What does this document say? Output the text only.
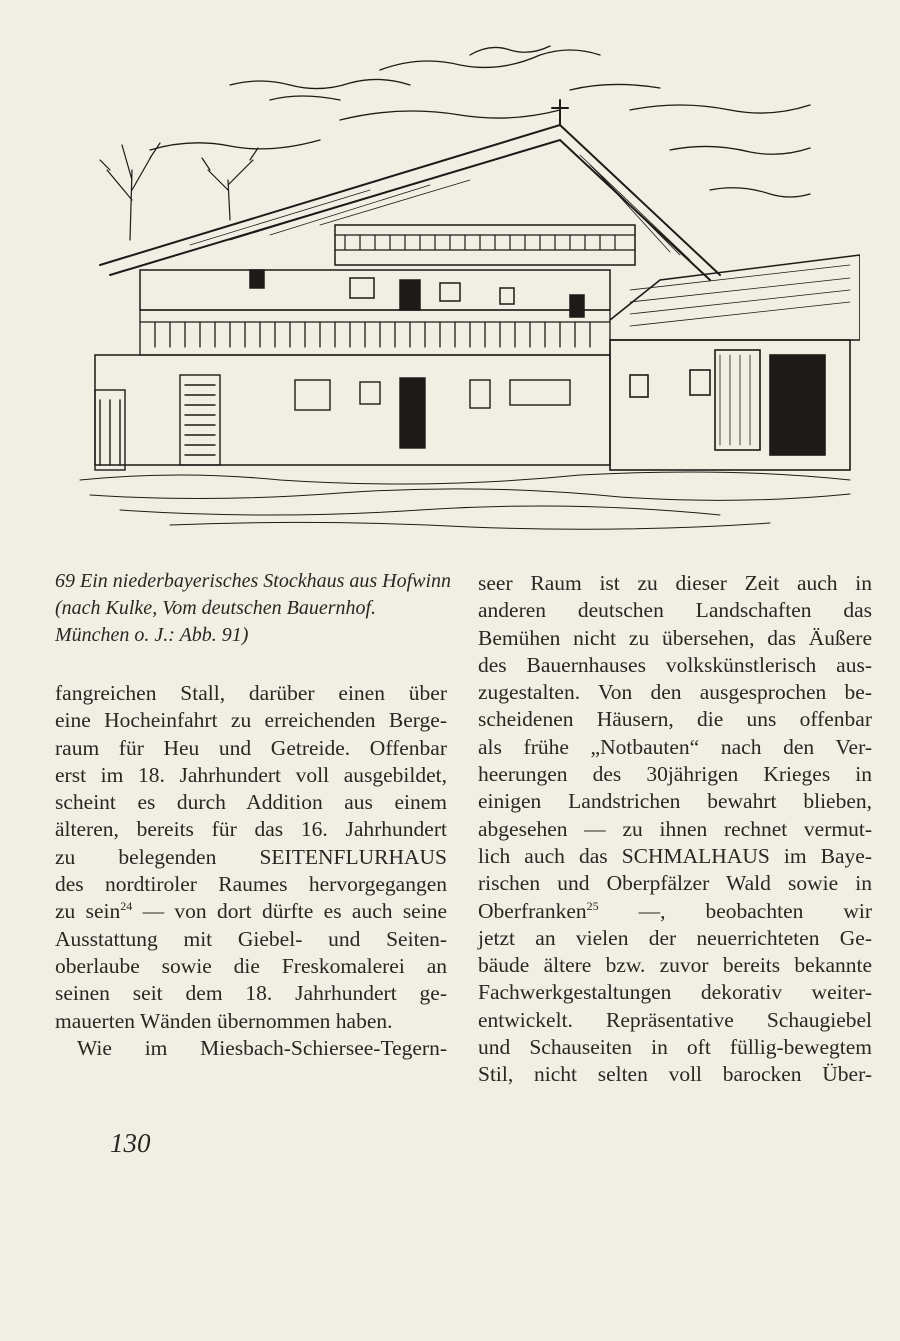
69 Ein niederbayerisches Stockhaus aus Hofwinn
(nach Kulke, Vom deutschen Bauernhof.
München o. J.: Abb. 91)
fangreichen Stall, darüber einen über
eine Hocheinfahrt zu erreichenden Berge-
raum für Heu und Getreide. Offenbar
erst im 18. Jahrhundert voll ausgebildet,
scheint es durch Addition aus einem
älteren, bereits für das 16. Jahrhundert
zu belegenden SEITENFLURHAUS
des nordtiroler Raumes hervorgegangen
zu sein$^{24}$ — von dort dürfte es auch seine
Ausstattung mit Giebel- und Seiten-
oberlaube sowie die Freskomalerei an
seinen seit dem 18. Jahrhundert ge-
mauerten Wänden übernommen haben.
Wie im Miesbach-Schiersee-Tegern-
seer Raum ist zu dieser Zeit auch in
anderen deutschen Landschaften das
Bemühen nicht zu übersehen, das Äußere
des Bauernhauses volkskünstlerisch aus-
zugestalten. Von den ausgesprochen be-
scheidenen Häusern, die uns offenbar
als frühe „Notbauten“ nach den Ver-
heerungen des 30jährigen Krieges in
einigen Landstrichen bewahrt blieben,
abgesehen — zu ihnen rechnet vermut-
lich auch das SCHMALHAUS im Baye-
rischen und Oberpfälzer Wald sowie in
Oberfranken$^{25}$ —, beobachten wir
jetzt an vielen der neuerrichteten Ge-
bäude ältere bzw. zuvor bereits bekannte
Fachwerkgestaltungen dekorativ weiter-
entwickelt. Repräsentative Schaugiebel
und Schauseiten in oft füllig-bewegtem
Stil, nicht selten voll barocken Über-
130
